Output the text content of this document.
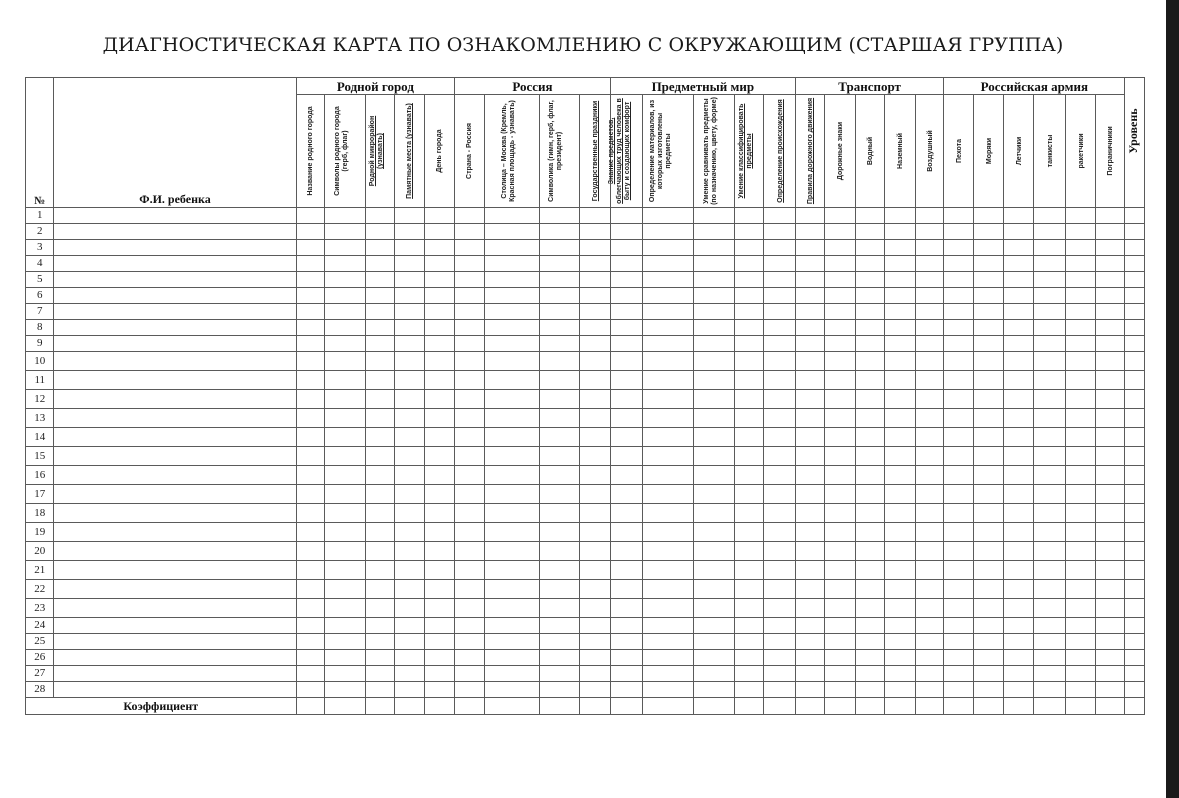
ДИАГНОСТИЧЕСКАЯ КАРТА ПО ОЗНАКОМЛЕНИЮ С ОКРУЖАЮЩИМ (СТАРШАЯ ГРУППА)
№	Ф.И. ребенка	Родной город					Россия				Предметный мир					Транспорт					Российская армия						Уровень

		Название родного города	Символы родного города (герб, флаг)	Родной микрорайон (узнавать)	Памятные места (узнавать)	День города	Страна - Россия	Столица – Москва (Кремль, Красная площадь - узнавать)	Символика (гимн, герб, флаг, президент)	Государственные праздники	Знание предметов, облегчающих труд человека в быту и создающих комфорт	Определение материалов, из которых изготовлены предметы	Умение сравнивать предметы (по назначению, цвету, форме)	Умение классифицировать предметы	Определение происхождения	Правила дорожного движения	Дорожные знаки	Водный	Наземный	Воздушный	Пехота	Моряки	Летчики	танкисты	ракетчики	Пограничники	

1																											
2																											
3																											
4																											
5																											
6																											
7																											
8																											
9																											
10																											
11																											
12																											
13																											
14																											
15																											
16																											
17																											
18																											
19																											
20																											
21																											
22																											
23																											
24																											
25																											
26																											
27																											
28																											
Коэффициент																											
